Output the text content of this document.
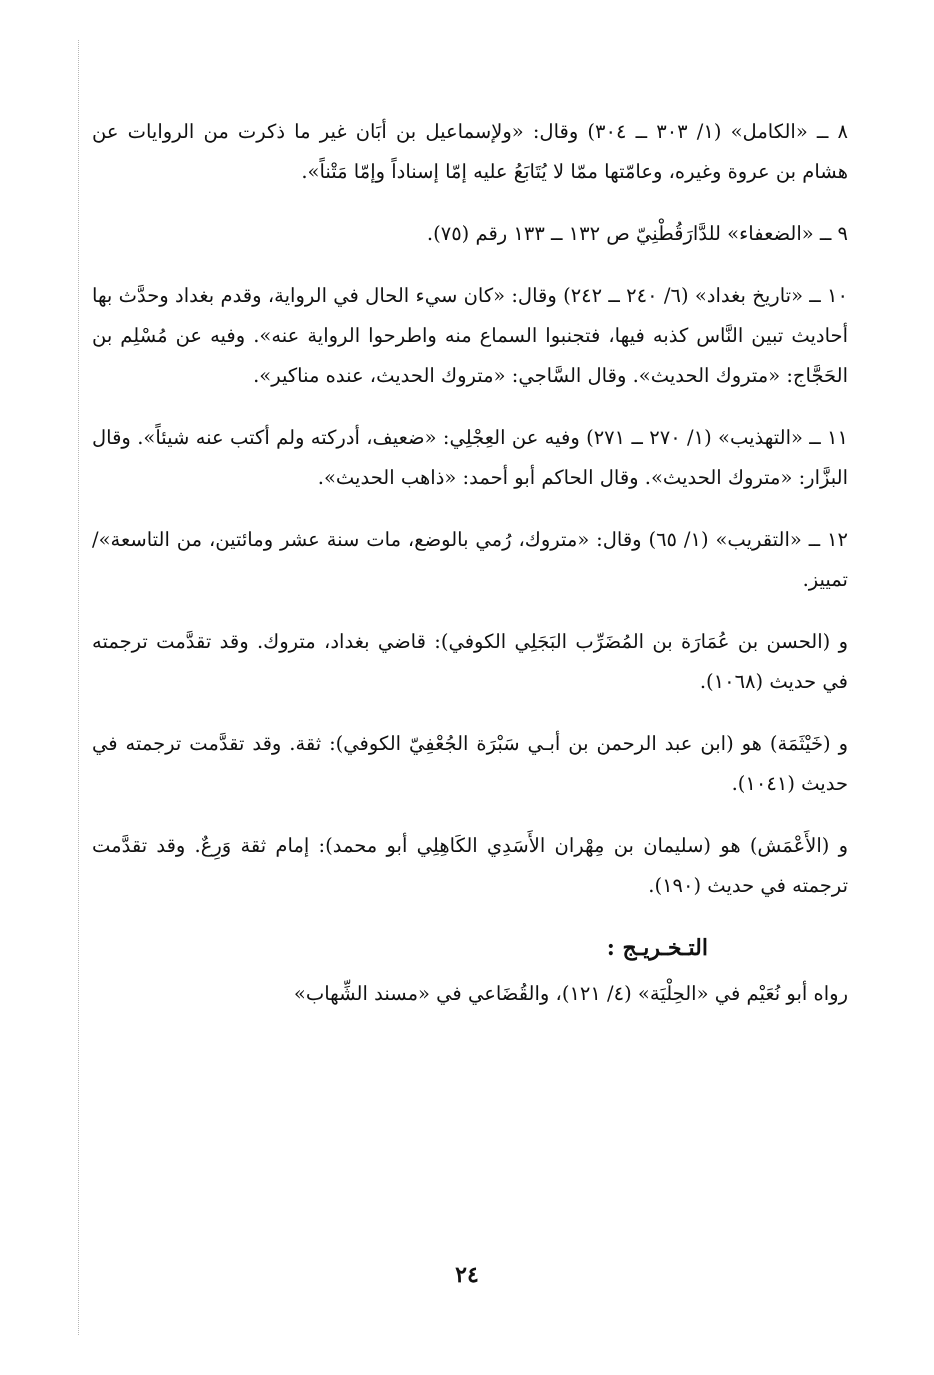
٨ ــ «الكامل» (١/ ٣٠٣ ــ ٣٠٤) وقال: «ولإسماعيل بن أبَان غير ما ذكرت من الروايات عن هشام بن عروة وغيره، وعامّتها ممّا لا يُتَابَعُ عليه إمّا إسناداً وإمّا مَتْناً».

٩ ــ «الضعفاء» للدَّارَقُطْنِيّ ص ١٣٢ ــ ١٣٣ رقم (٧٥).

١٠ ــ «تاريخ بغداد» (٦/ ٢٤٠ ــ ٢٤٢) وقال: «كان سيء الحال في الرواية، وقدم بغداد وحدَّث بها أحاديث تبين النَّاس كذبه فيها، فتجنبوا السماع منه واطرحوا الرواية عنه». وفيه عن مُسْلِم بن الحَجَّاج: «متروك الحديث». وقال السَّاجي: «متروك الحديث، عنده مناكير».

١١ ــ «التهذيب» (١/ ٢٧٠ ــ ٢٧١) وفيه عن العِجْلِي: «ضعيف، أدركته ولم أكتب عنه شيئاً». وقال البزَّار: «متروك الحديث». وقال الحاكم أبو أحمد: «ذاهب الحديث».

١٢ ــ «التقريب» (١/ ٦٥) وقال: «متروك، رُمي بالوضع، مات سنة عشر ومائتين، من التاسعة»/ تمييز.

و (الحسن بن عُمَارَة بن المُضَرِّب البَجَلِي الكوفي): قاضي بغداد، متروك. وقد تقدَّمت ترجمته في حديث (١٠٦٨).

و (خَيْثَمَة) هو (ابن عبد الرحمن بن أبـي سَبْرَة الجُعْفِيّ الكوفي): ثقة. وقد تقدَّمت ترجمته في حديث (١٠٤١).

و (الأَعْمَش) هو (سليمان بن مِهْران الأَسَدِي الكَاهِلِي أبو محمد): إمام ثقة وَرِعٌ. وقد تقدَّمت ترجمته في حديث (١٩٠).

التـخـريـج :

رواه أبو نُعَيْم في «الحِلْيَة» (٤/ ١٢١)، والقُضَاعي في «مسند الشِّهاب»

٢٤
